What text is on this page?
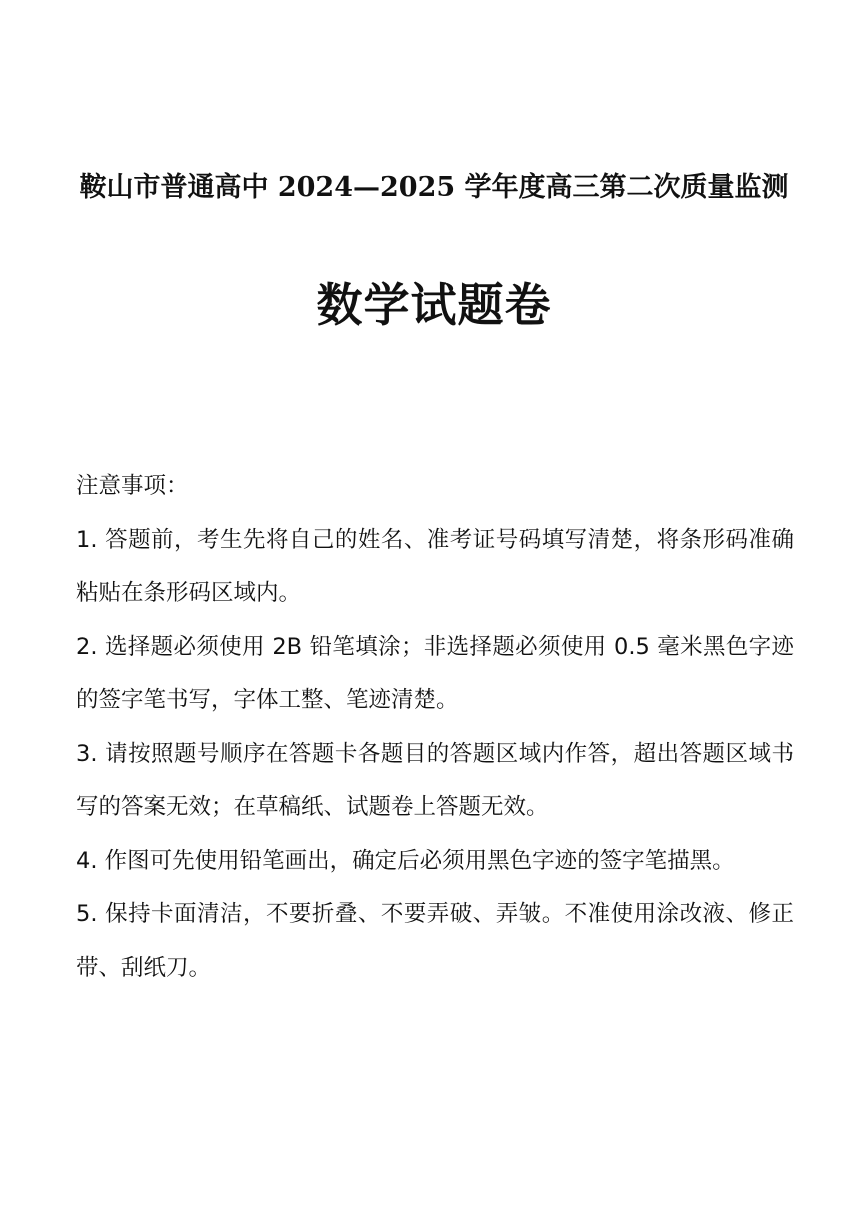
鞍山市普通高中 2024—2025 学年度高三第二次质量监测
数学试题卷
注意事项：
1. 答题前，考生先将自己的姓名、准考证号码填写清楚，将条形码准确粘贴在条形码区域内。
2. 选择题必须使用 2B 铅笔填涂；非选择题必须使用 0.5 毫米黑色字迹的签字笔书写，字体工整、笔迹清楚。
3. 请按照题号顺序在答题卡各题目的答题区域内作答，超出答题区域书写的答案无效；在草稿纸、试题卷上答题无效。
4. 作图可先使用铅笔画出，确定后必须用黑色字迹的签字笔描黑。
5. 保持卡面清洁，不要折叠、不要弄破、弄皱。不准使用涂改液、修正带、刮纸刀。
